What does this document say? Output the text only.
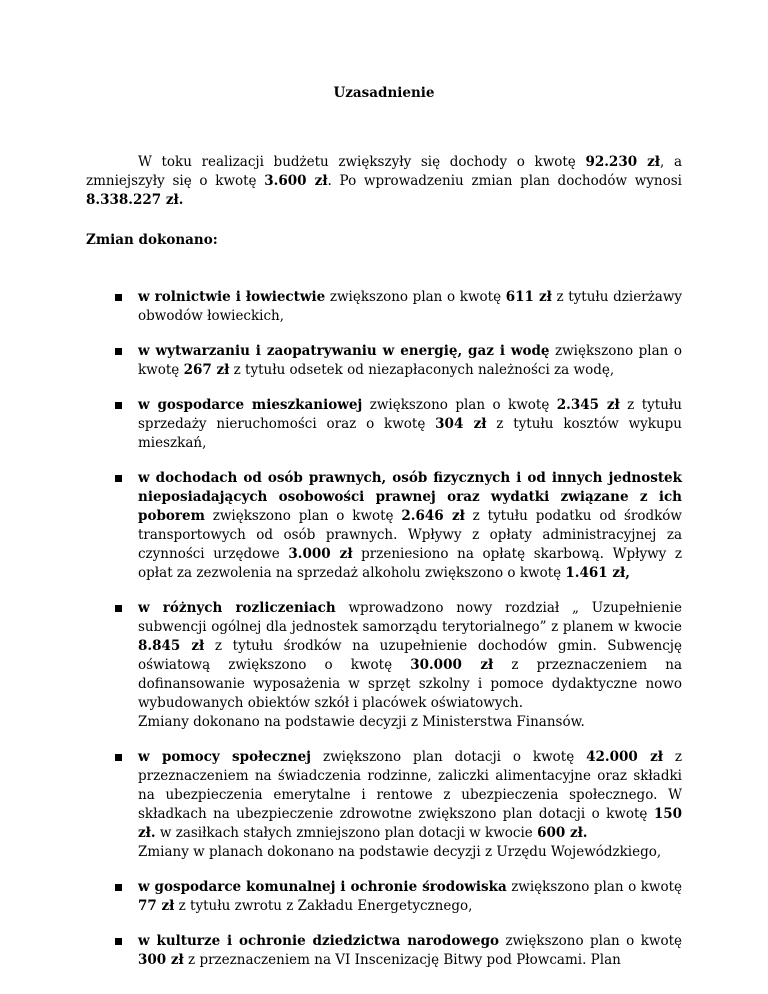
Uzasadnienie
W toku realizacji budżetu zwiększyły się dochody o kwotę 92.230 zł, a zmniejszyły się o kwotę 3.600 zł. Po wprowadzeniu zmian plan dochodów wynosi 8.338.227 zł.
Zmian dokonano:
w rolnictwie i łowiectwie zwiększono plan o kwotę 611 zł z tytułu dzierżawy obwodów łowieckich,
w wytwarzaniu i zaopatrywaniu w energię, gaz i wodę zwiększono plan o kwotę 267 zł z tytułu odsetek od niezapłaconych należności za wodę,
w gospodarce mieszkaniowej zwiększono plan o kwotę 2.345 zł z tytułu sprzedaży nieruchomości oraz o kwotę 304 zł z tytułu kosztów wykupu mieszkań,
w dochodach od osób prawnych, osób fizycznych i od innych jednostek nieposiadających osobowości prawnej oraz wydatki związane z ich poborem zwiększono plan o kwotę 2.646 zł z tytułu podatku od środków transportowych od osób prawnych. Wpływy z opłaty administracyjnej za czynności urzędowe 3.000 zł przeniesiono na opłatę skarbową. Wpływy z opłat za zezwolenia na sprzedaż alkoholu zwiększono o kwotę 1.461 zł,
w różnych rozliczeniach wprowadzono nowy rozdział „ Uzupełnienie subwencji ogólnej dla jednostek samorządu terytorialnego” z planem w kwocie 8.845 zł z tytułu środków na uzupełnienie dochodów gmin. Subwencję oświatową zwiększono o kwotę 30.000 zł z przeznaczeniem na dofinansowanie wyposażenia w sprzęt szkolny i pomoce dydaktyczne nowo wybudowanych obiektów szkół i placówek oświatowych.
Zmiany dokonano na podstawie decyzji z Ministerstwa Finansów.
w pomocy społecznej zwiększono plan dotacji o kwotę 42.000 zł z przeznaczeniem na świadczenia rodzinne, zaliczki alimentacyjne oraz składki na ubezpieczenia emerytalne i rentowe z ubezpieczenia społecznego. W składkach na ubezpieczenie zdrowotne zwiększono plan dotacji o kwotę 150 zł. w zasiłkach stałych zmniejszono plan dotacji w kwocie 600 zł.
Zmiany w planach dokonano na podstawie decyzji z Urzędu Wojewódzkiego,
w gospodarce komunalnej i ochronie środowiska zwiększono plan o kwotę 77 zł z tytułu zwrotu z Zakładu Energetycznego,
w kulturze i ochronie dziedzictwa narodowego zwiększono plan o kwotę 300 zł z przeznaczeniem na VI Inscenizację Bitwy pod Płowcami. Plan
